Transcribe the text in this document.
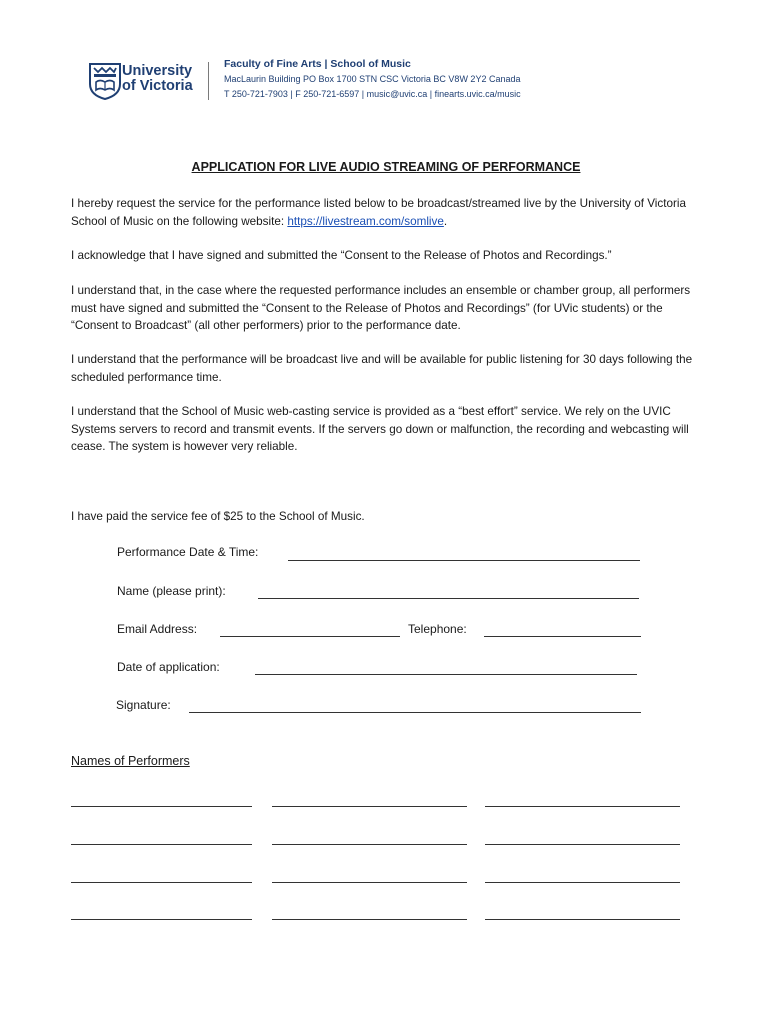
University
of Victoria
Faculty of Fine Arts | School of Music
MacLaurin Building PO Box 1700 STN CSC Victoria BC V8W 2Y2 Canada
T 250-721-7903 | F 250-721-6597 | music@uvic.ca | finearts.uvic.ca/music
APPLICATION FOR LIVE AUDIO STREAMING OF PERFORMANCE
I hereby request the service for the performance listed below to be broadcast/streamed live by the University of Victoria School of Music on the following website: https://livestream.com/somlive.
I acknowledge that I have signed and submitted the “Consent to the Release of Photos and Recordings.”
I understand that, in the case where the requested performance includes an ensemble or chamber group, all performers must have signed and submitted the “Consent to the Release of Photos and Recordings” (for UVic students) or the “Consent to Broadcast” (all other performers) prior to the performance date.
I understand that the performance will be broadcast live and will be available for public listening for 30 days following the scheduled performance time.
I understand that the School of Music web-casting service is provided as a “best effort” service. We rely on the UVIC Systems servers to record and transmit events. If the servers go down or malfunction, the recording and webcasting will cease. The system is however very reliable.
I have paid the service fee of $25 to the School of Music.
Performance Date & Time:
Name (please print):
Email Address:	Telephone:
Date of application:
Signature:
Names of Performers
